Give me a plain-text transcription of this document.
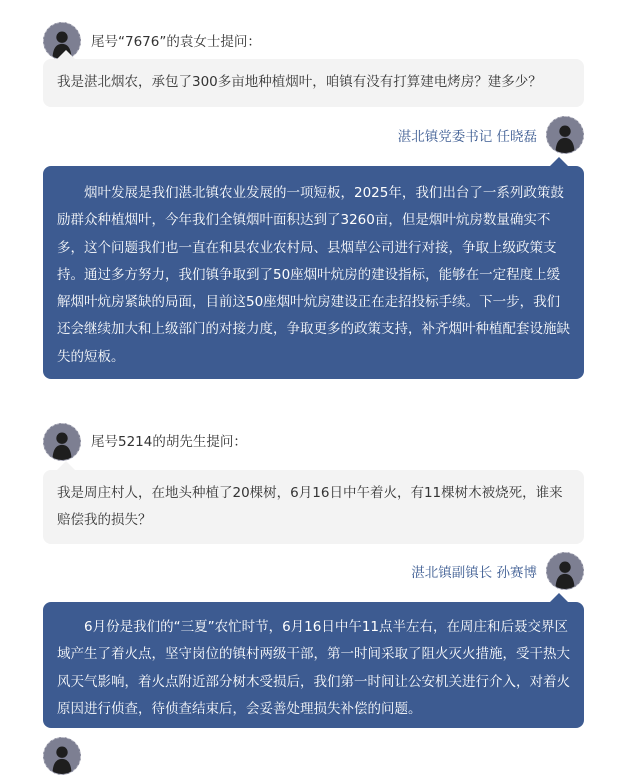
尾号“7676”的袁女士提问：
我是湛北烟农，承包了300多亩地种植烟叶，咱镇有没有打算建电烤房？建多少？
湛北镇党委书记 任晓磊
烟叶发展是我们湛北镇农业发展的一项短板，2025年，我们出台了一系列政策鼓励群众种植烟叶，今年我们全镇烟叶面积达到了3260亩，但是烟叶炕房数量确实不多，这个问题我们也一直在和县农业农村局、县烟草公司进行对接，争取上级政策支持。通过多方努力，我们镇争取到了50座烟叶炕房的建设指标，能够在一定程度上缓解烟叶炕房紧缺的局面，目前这50座烟叶炕房建设正在走招投标手续。下一步，我们还会继续加大和上级部门的对接力度，争取更多的政策支持，补齐烟叶种植配套设施缺失的短板。
尾号5214的胡先生提问：
我是周庄村人，在地头种植了20棵树，6月16日中午着火，有11棵树木被烧死，谁来赔偿我的损失？
湛北镇副镇长 孙赛博
6月份是我们的“三夏”农忙时节，6月16日中午11点半左右，在周庄和后聂交界区域产生了着火点，坚守岗位的镇村两级干部，第一时间采取了阻火灭火措施，受干热大风天气影响，着火点附近部分树木受损后，我们第一时间让公安机关进行介入，对着火原因进行侦查，待侦查结束后，会妥善处理损失补偿的问题。
